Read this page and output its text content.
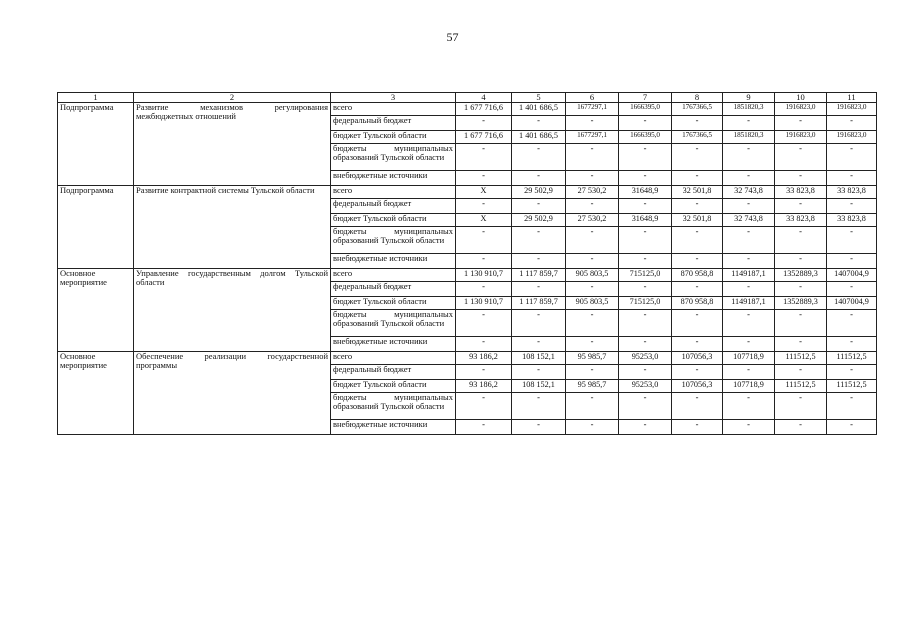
57
1	2	3	4	5	6	7	8	9	10	11
Подпрограмма	Развитие механизмов регулирования межбюджетных отношений	всего	1 677 716,6	1 401 686,5	1677297,1	1666395,0	1767366,5	1851820,3	1916823,0	1916823,0
		федеральный бюджет	-	-	-	-	-	-	-	-
		бюджет Тульской области	1 677 716,6	1 401 686,5	1677297,1	1666395,0	1767366,5	1851820,3	1916823,0	1916823,0
		бюджеты муниципальных образований Тульской области	-	-	-	-	-	-	-	-
		внебюджетные источники	-	-	-	-	-	-	-	-
Подпрограмма	Развитие контрактной системы Тульской области	всего	Х	29 502,9	27 530,2	31648,9	32 501,8	32 743,8	33 823,8	33 823,8
		федеральный бюджет	-	-	-	-	-	-	-	-
		бюджет Тульской области	Х	29 502,9	27 530,2	31648,9	32 501,8	32 743,8	33 823,8	33 823,8
		бюджеты муниципальных образований Тульской области	-	-	-	-	-	-	-	-
		внебюджетные источники	-	-	-	-	-	-	-	-
Основное мероприятие	Управление государственным долгом Тульской области	всего	1 130 910,7	1 117 859,7	905 803,5	715125,0	870 958,8	1149187,1	1352889,3	1407004,9
		федеральный бюджет	-	-	-	-	-	-	-	-
		бюджет Тульской области	1 130 910,7	1 117 859,7	905 803,5	715125,0	870 958,8	1149187,1	1352889,3	1407004,9
		бюджеты муниципальных образований Тульской области	-	-	-	-	-	-	-	-
		внебюджетные источники	-	-	-	-	-	-	-	-
Основное мероприятие	Обеспечение реализации государственной программы	всего	93 186,2	108 152,1	95 985,7	95253,0	107056,3	107718,9	111512,5	111512,5
		федеральный бюджет	-	-	-	-	-	-	-	-
		бюджет Тульской области	93 186,2	108 152,1	95 985,7	95253,0	107056,3	107718,9	111512,5	111512,5
		бюджеты муниципальных образований Тульской области	-	-	-	-	-	-	-	-
		внебюджетные источники	-	-	-	-	-	-	-	-
